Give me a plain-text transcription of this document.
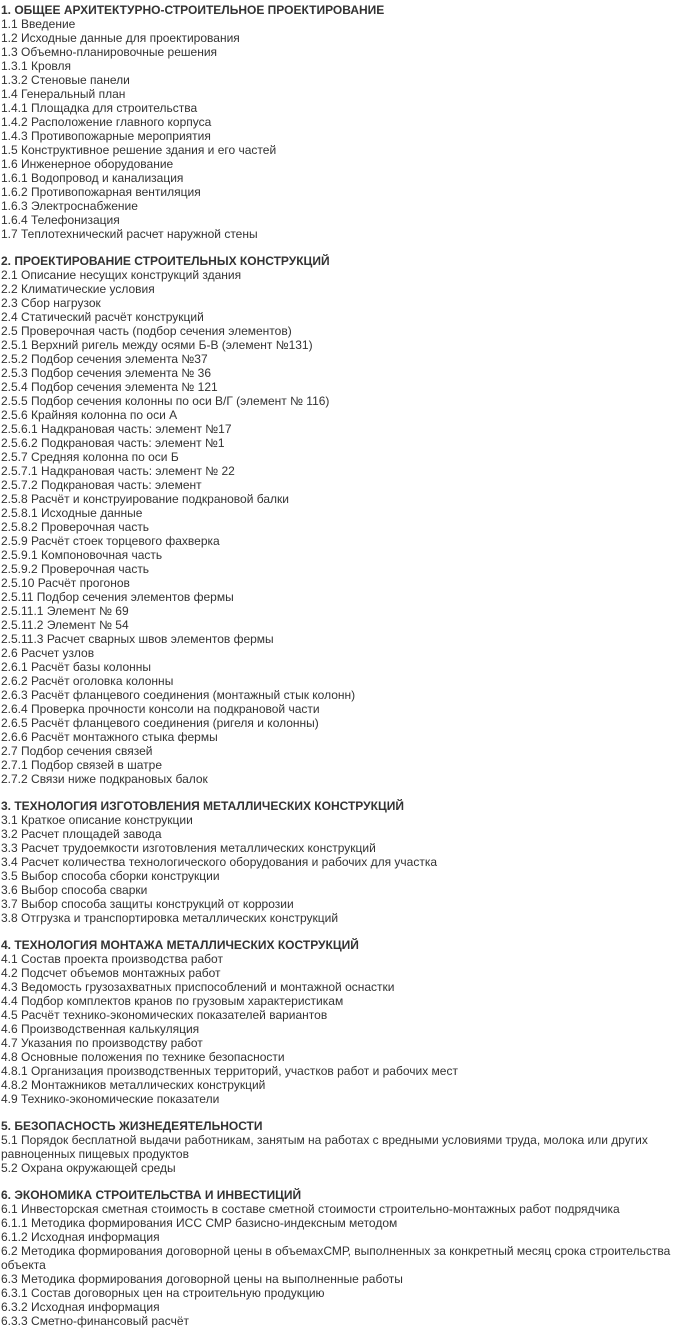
1. ОБЩЕЕ АРХИТЕКТУРНО-СТРОИТЕЛЬНОЕ ПРОЕКТИРОВАНИЕ
1.1 Введение
1.2 Исходные данные для проектирования
1.3 Объемно-планировочные решения
1.3.1 Кровля
1.3.2 Стеновые панели
1.4 Генеральный план
1.4.1 Площадка для строительства
1.4.2 Расположение главного корпуса
1.4.3 Противопожарные мероприятия
1.5 Конструктивное решение здания и его частей
1.6 Инженерное оборудование
1.6.1 Водопровод и канализация
1.6.2 Противопожарная вентиляция
1.6.3 Электроснабжение
1.6.4 Телефонизация
1.7 Теплотехнический расчет наружной стены
2. ПРОЕКТИРОВАНИЕ СТРОИТЕЛЬНЫХ КОНСТРУКЦИЙ
2.1 Описание несущих конструкций здания
2.2 Климатические условия
2.3 Сбор нагрузок
2.4 Статический расчёт конструкций
2.5 Проверочная часть (подбор сечения элементов)
2.5.1 Верхний ригель между осями Б-В (элемент №131)
2.5.2 Подбор сечения элемента №37
2.5.3 Подбор сечения элемента № 36
2.5.4 Подбор сечения элемента № 121
2.5.5 Подбор сечения колонны по оси В/Г (элемент № 116)
2.5.6 Крайняя колонна по оси А
2.5.6.1 Надкрановая часть: элемент №17
2.5.6.2 Подкрановая часть: элемент №1
2.5.7 Средняя колонна по оси Б
2.5.7.1 Надкрановая часть: элемент № 22
2.5.7.2 Подкрановая часть: элемент
2.5.8 Расчёт и конструирование подкрановой балки
2.5.8.1 Исходные данные
2.5.8.2 Проверочная часть
2.5.9 Расчёт стоек торцевого фахверка
2.5.9.1 Компоновочная часть
2.5.9.2 Проверочная часть
2.5.10 Расчёт прогонов
2.5.11 Подбор сечения элементов фермы
2.5.11.1 Элемент № 69
2.5.11.2 Элемент № 54
2.5.11.3 Расчет сварных швов элементов фермы
2.6 Расчет узлов
2.6.1 Расчёт базы колонны
2.6.2 Расчёт оголовка колонны
2.6.3 Расчёт фланцевого соединения (монтажный стык колонн)
2.6.4 Проверка прочности консоли на подкрановой части
2.6.5 Расчёт фланцевого соединения (ригеля и колонны)
2.6.6 Расчёт монтажного стыка фермы
2.7 Подбор сечения связей
2.7.1 Подбор связей в шатре
2.7.2 Связи ниже подкрановых балок
3. ТЕХНОЛОГИЯ ИЗГОТОВЛЕНИЯ МЕТАЛЛИЧЕСКИХ КОНСТРУКЦИЙ
3.1 Краткое описание конструкции
3.2 Расчет площадей завода
3.3 Расчет трудоемкости изготовления металлических конструкций
3.4 Расчет количества технологического оборудования и рабочих для участка
3.5 Выбор способа сборки конструкции
3.6 Выбор способа сварки
3.7 Выбор способа защиты конструкций от коррозии
3.8 Отгрузка и транспортировка металлических конструкций
4. ТЕХНОЛОГИЯ МОНТАЖА МЕТАЛЛИЧЕСКИХ КОСТРУКЦИЙ
4.1 Состав проекта производства работ
4.2 Подсчет объемов монтажных работ
4.3 Ведомость грузозахватных приспособлений и монтажной оснастки
4.4 Подбор комплектов кранов по грузовым характеристикам
4.5 Расчёт технико-экономических показателей вариантов
4.6 Производственная калькуляция
4.7 Указания по производству работ
4.8 Основные положения по технике безопасности
4.8.1 Организация производственных территорий, участков работ и рабочих мест
4.8.2 Монтажников металлических конструкций
4.9 Технико-экономические показатели
5. БЕЗОПАСНОСТЬ ЖИЗНЕДЕЯТЕЛЬНОСТИ
5.1 Порядок бесплатной выдачи работникам, занятым на работах с вредными условиями труда, молока или других равноценных пищевых продуктов
5.2 Охрана окружающей среды
6. ЭКОНОМИКА СТРОИТЕЛЬСТВА И ИНВЕСТИЦИЙ
6.1 Инвесторская сметная стоимость в составе сметной стоимости строительно-монтажных работ подрядчика
6.1.1 Методика формирования ИСС СМР базисно-индексным методом
6.1.2 Исходная информация
6.2 Методика формирования договорной цены в объемахСМР, выполненных за конкретный месяц срока строительства объекта
6.3 Методика формирования договорной цены на выполненные работы
6.3.1 Состав договорных цен на строительную продукцию
6.3.2 Исходная информация
6.3.3 Сметно-финансовый расчёт
